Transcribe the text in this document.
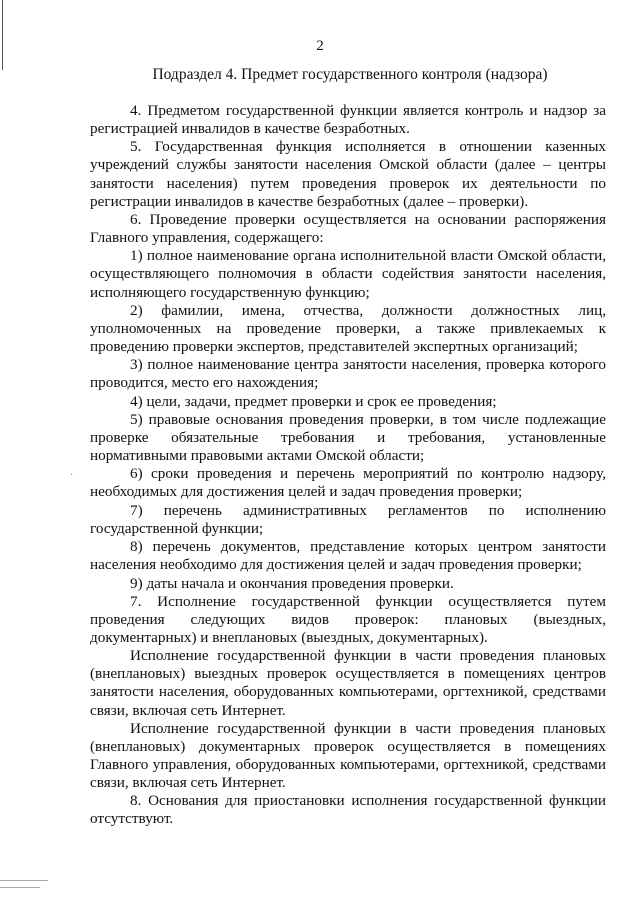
2
Подраздел 4. Предмет государственного контроля (надзора)

4. Предметом государственной функции является контроль и надзор за регистрацией инвалидов в качестве безработных.

5. Государственная функция исполняется в отношении казенных учреждений службы занятости населения Омской области (далее – центры занятости населения) путем проведения проверок их деятельности по регистрации инвалидов в качестве безработных (далее – проверки).

6. Проведение проверки осуществляется на основании распоряжения Главного управления, содержащего:

1) полное наименование органа исполнительной власти Омской области, осуществляющего полномочия в области содействия занятости населения, исполняющего государственную функцию;

2) фамилии, имена, отчества, должности должностных лиц, уполномоченных на проведение проверки, а также привлекаемых к проведению проверки экспертов, представителей экспертных организаций;

3) полное наименование центра занятости населения, проверка которого проводится, место его нахождения;

4) цели, задачи, предмет проверки и срок ее проведения;

5) правовые основания проведения проверки, в том числе подлежащие проверке обязательные требования и требования, установленные нормативными правовыми актами Омской области;

6) сроки проведения и перечень мероприятий по контролю надзору, необходимых для достижения целей и задач проведения проверки;

7) перечень административных регламентов по исполнению государственной функции;

8) перечень документов, представление которых центром занятости населения необходимо для достижения целей и задач проведения проверки;

9) даты начала и окончания проведения проверки.

7. Исполнение государственной функции осуществляется путем проведения следующих видов проверок: плановых (выездных, документарных) и внеплановых (выездных, документарных).

Исполнение государственной функции в части проведения плановых (внеплановых) выездных проверок осуществляется в помещениях центров занятости населения, оборудованных компьютерами, оргтехникой, средствами связи, включая сеть Интернет.

Исполнение государственной функции в части проведения плановых (внеплановых) документарных проверок осуществляется в помещениях Главного управления, оборудованных компьютерами, оргтехникой, средствами связи, включая сеть Интернет.

8. Основания для приостановки исполнения государственной функции отсутствуют.

·
